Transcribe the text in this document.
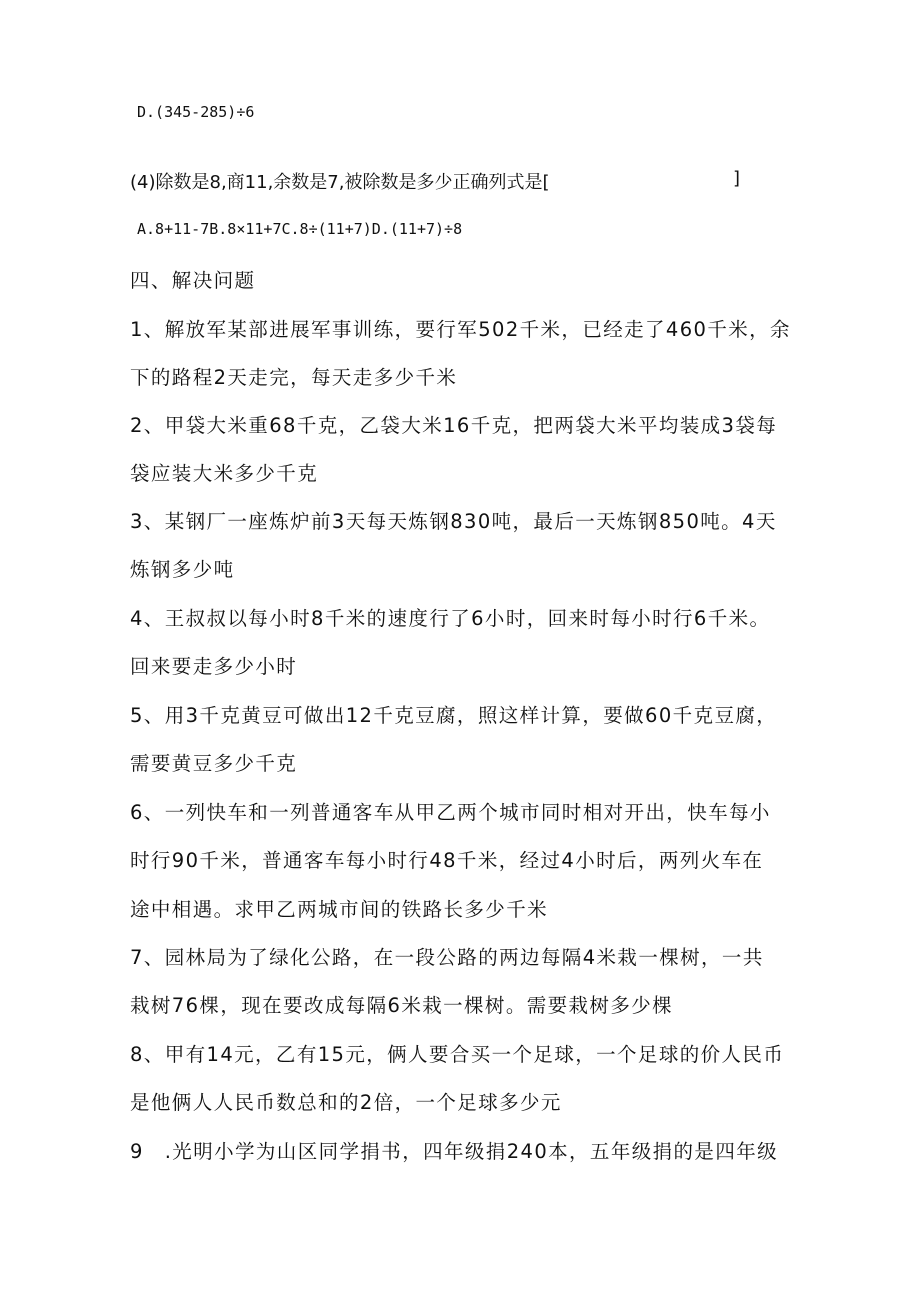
D.(345-285)÷6
(4)除数是8,商11,余数是7,被除数是多少正确列式是[	]
A.8+11-7B.8×11+7C.8÷(11+7)D.(11+7)÷8
四、解决问题
1、解放军某部进展军事训练，要行军502千米，已经走了460千米，余
下的路程2天走完，每天走多少千米
2、甲袋大米重68千克，乙袋大米16千克，把两袋大米平均装成3袋每
袋应装大米多少千克
3、某钢厂一座炼炉前3天每天炼钢830吨，最后一天炼钢850吨。4天
炼钢多少吨
4、王叔叔以每小时8千米的速度行了6小时，回来时每小时行6千米。
回来要走多少小时
5、用3千克黄豆可做出12千克豆腐，照这样计算，要做60千克豆腐，
需要黄豆多少千克
6、一列快车和一列普通客车从甲乙两个城市同时相对开出，快车每小
时行90千米，普通客车每小时行48千米，经过4小时后，两列火车在
途中相遇。求甲乙两城市间的铁路长多少千米
7、园林局为了绿化公路，在一段公路的两边每隔4米栽一棵树，一共
栽树76棵，现在要改成每隔6米栽一棵树。需要栽树多少棵
8、甲有14元，乙有15元，俩人要合买一个足球，一个足球的价人民币
是他俩人人民币数总和的2倍，一个足球多少元
9　.光明小学为山区同学捐书，四年级捐240本，五年级捐的是四年级
